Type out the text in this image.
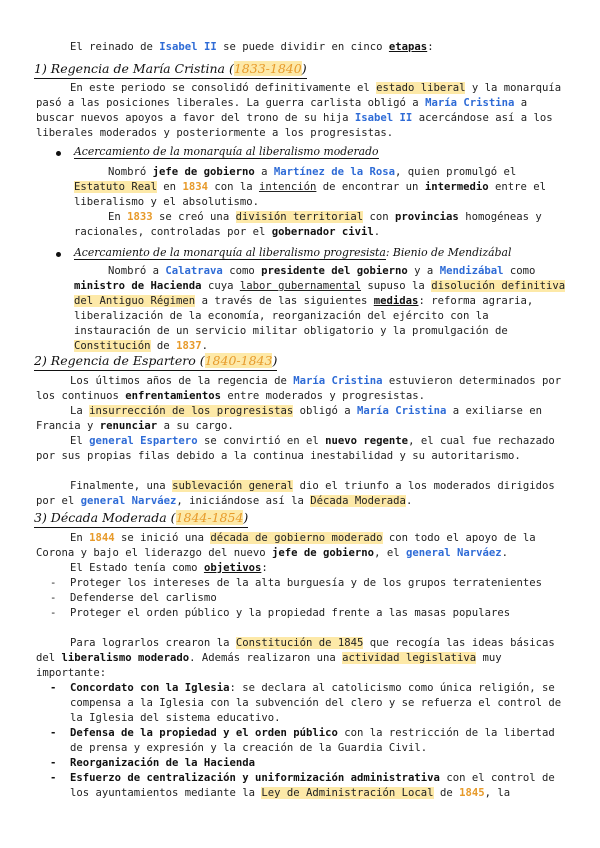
El reinado de Isabel II se puede dividir en cinco etapas:

1) Regencia de María Cristina (1833-1840)

En este periodo se consolidó definitivamente el estado liberal y la monarquía pasó a las posiciones liberales. La guerra carlista obligó a María Cristina a buscar nuevos apoyos a favor del trono de su hija Isabel II acercándose así a los liberales moderados y posteriormente a los progresistas.

Acercamiento de la monarquía al liberalismo moderado

Nombró jefe de gobierno a Martínez de la Rosa, quien promulgó el Estatuto Real en 1834 con la intención de encontrar un intermedio entre el liberalismo y el absolutismo.

En 1833 se creó una división territorial con provincias homogéneas y racionales, controladas por el gobernador civil.

Acercamiento de la monarquía al liberalismo progresista: Bienio de Mendizábal

Nombró a Calatrava como presidente del gobierno y a Mendizábal como ministro de Hacienda cuya labor gubernamental supuso la disolución definitiva del Antiguo Régimen a través de las siguientes medidas: reforma agraria, liberalización de la economía, reorganización del ejército con la instauración de un servicio militar obligatorio y la promulgación de Constitución de 1837.

2) Regencia de Espartero (1840-1843)

Los últimos años de la regencia de María Cristina estuvieron determinados por los continuos enfrentamientos entre moderados y progresistas.

La insurrección de los progresistas obligó a María Cristina a exiliarse en Francia y renunciar a su cargo.

El general Espartero se convirtió en el nuevo regente, el cual fue rechazado por sus propias filas debido a la continua inestabilidad y su autoritarismo.

Finalmente, una sublevación general dio el triunfo a los moderados dirigidos por el general Narváez, iniciándose así la Década Moderada.

3) Década Moderada (1844-1854)

En 1844 se inició una década de gobierno moderado con todo el apoyo de la Corona y bajo el liderazgo del nuevo jefe de gobierno, el general Narváez.

El Estado tenía como objetivos:

- Proteger los intereses de la alta burguesía y de los grupos terratenientes
- Defenderse del carlismo
- Proteger el orden público y la propiedad frente a las masas populares

Para lograrlos crearon la Constitución de 1845 que recogía las ideas básicas del liberalismo moderado. Además realizaron una actividad legislativa muy importante:

- Concordato con la Iglesia: se declara al catolicismo como única religión, se compensa a la Iglesia con la subvención del clero y se refuerza el control de la Iglesia del sistema educativo.
- Defensa de la propiedad y el orden público con la restricción de la libertad de prensa y expresión y la creación de la Guardia Civil.
- Reorganización de la Hacienda
- Esfuerzo de centralización y uniformización administrativa con el control de los ayuntamientos mediante la Ley de Administración Local de 1845, la
